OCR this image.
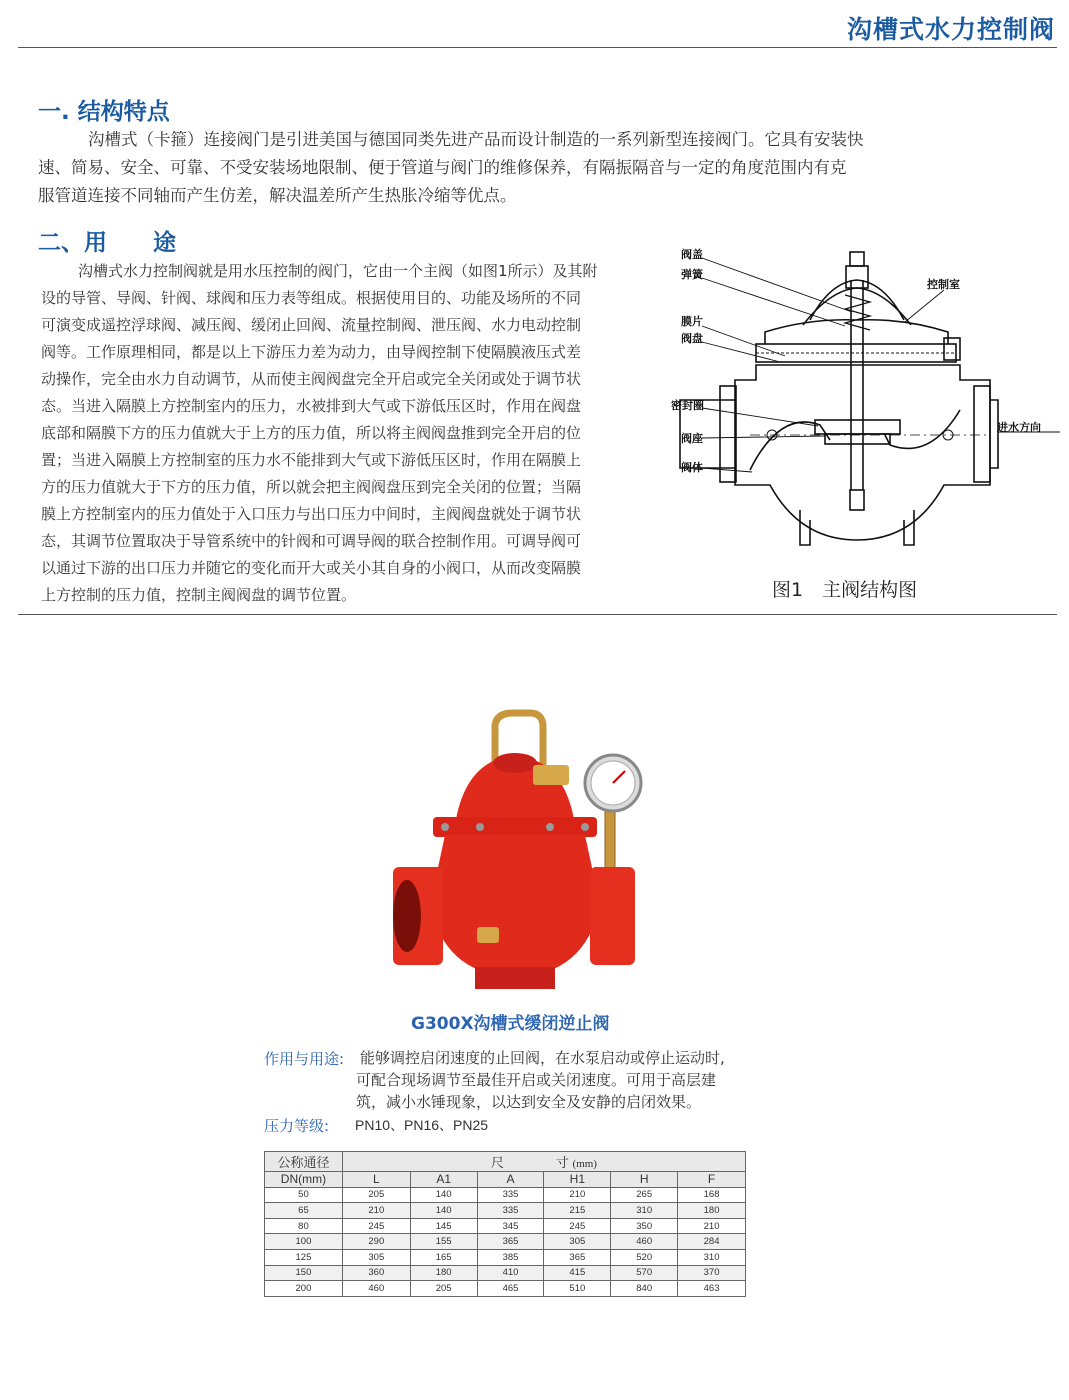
沟槽式水力控制阀
一. 结构特点
沟槽式（卡箍）连接阀门是引进美国与德国同类先进产品而设计制造的一系列新型连接阀门。它具有安装快
速、简易、安全、可靠、不受安装场地限制、便于管道与阀门的维修保养，有隔振隔音与一定的角度范围内有克
服管道连接不同轴而产生仿差，解决温差所产生热胀冷缩等优点。
二、用　　途
沟槽式水力控制阀就是用水压控制的阀门，它由一个主阀（如图1所示）及其附
设的导管、导阀、针阀、球阀和压力表等组成。根据使用目的、功能及场所的不同
可演变成遥控浮球阀、减压阀、缓闭止回阀、流量控制阀、泄压阀、水力电动控制
阀等。工作原理相同，都是以上下游压力差为动力，由导阀控制下使隔膜液压式差
动操作，完全由水力自动调节，从而使主阀阀盘完全开启或完全关闭或处于调节状
态。当进入隔膜上方控制室内的压力，水被排到大气或下游低压区时，作用在阀盘
底部和隔膜下方的压力值就大于上方的压力值，所以将主阀阀盘推到完全开启的位
置；当进入隔膜上方控制室的压力水不能排到大气或下游低压区时，作用在隔膜上
方的压力值就大于下方的压力值，所以就会把主阀阀盘压到完全关闭的位置；当隔
膜上方控制室内的压力值处于入口压力与出口压力中间时，主阀阀盘就处于调节状
态，其调节位置取决于导管系统中的针阀和可调导阀的联合控制作用。可调导阀可
以通过下游的出口压力并随它的变化而开大或关小其自身的小阀口，从而改变隔膜
上方控制的压力值，控制主阀阀盘的调节位置。
阀盖
弹簧
控制室
膜片
阀盘
密封圈
阀座
阀体
进水方向
图1　主阀结构图
G300X沟槽式缓闭逆止阀
作用与用途: 能够调控启闭速度的止回阀，在水泵启动或停止运动时,
可配合现场调节至最佳开启或关闭速度。可用于高层建
筑，减小水锤现象，以达到安全及安静的启闭效果。
压力等级: PN10、PN16、PN25
公称通径	尺　　　　寸 (mm)					
DN(mm)	L	A1	A	H1	H	F
50	205	140	335	210	265	168
65	210	140	335	215	310	180
80	245	145	345	245	350	210
100	290	155	365	305	460	284
125	305	165	385	365	520	310
150	360	180	410	415	570	370
200	460	205	465	510	840	463
